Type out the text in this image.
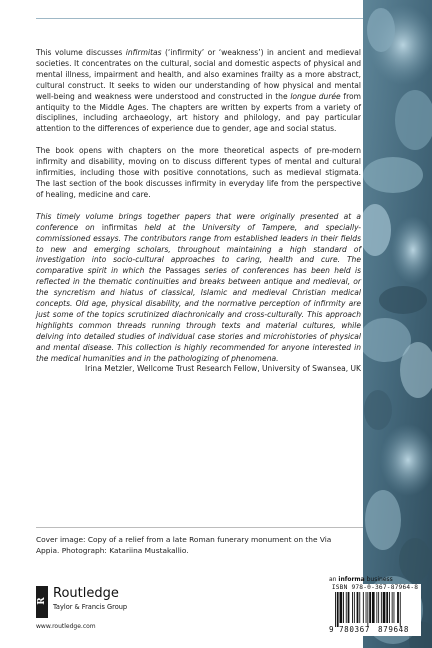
This volume discusses infirmitas (‘infirmity’ or ‘weakness’) in ancient and medieval societies. It concentrates on the cultural, social and domestic aspects of physical and mental illness, impairment and health, and also examines frailty as a more abstract, cultural construct. It seeks to widen our understanding of how physical and mental well-being and weakness were understood and constructed in the longue durée from antiquity to the Middle Ages. The chapters are written by experts from a variety of disciplines, including archaeology, art history and philology, and pay particular attention to the differences of experience due to gender, age and social status.

The book opens with chapters on the more theoretical aspects of pre-modern infirmity and disability, moving on to discuss different types of mental and cultural infirmities, including those with positive connotations, such as medieval stigmata. The last section of the book discusses infirmity in everyday life from the perspective of healing, medicine and care.

This timely volume brings together papers that were originally presented at a conference on infirmitas held at the University of Tampere, and specially-commissioned essays. The contributors range from established leaders in their fields to new and emerging scholars, throughout maintaining a high standard of investigation into socio-cultural approaches to caring, health and cure. The comparative spirit in which the Passages series of conferences has been held is reflected in the thematic continuities and breaks between antique and medieval, or the syncretism and hiatus of classical, Islamic and medieval Christian medical concepts. Old age, physical disability, and the normative perception of infirmity are just some of the topics scrutinized diachronically and cross-culturally. This approach highlights common threads running through texts and material cultures, while delving into detailed studies of individual case stories and microhistories of physical and mental disease. This collection is highly recommended for anyone interested in the medical humanities and in the pathologizing of phenomena.

Irina Metzler, Wellcome Trust Research Fellow, University of Swansea, UK
Cover image: Copy of a relief from a late Roman funerary monument on the Via Appia. Photograph: Katariina Mustakallio.
R
Routledge
Taylor & Francis Group
www.routledge.com
an informa business
ISBN 978-0-367-87964-8
9 780367 879648
